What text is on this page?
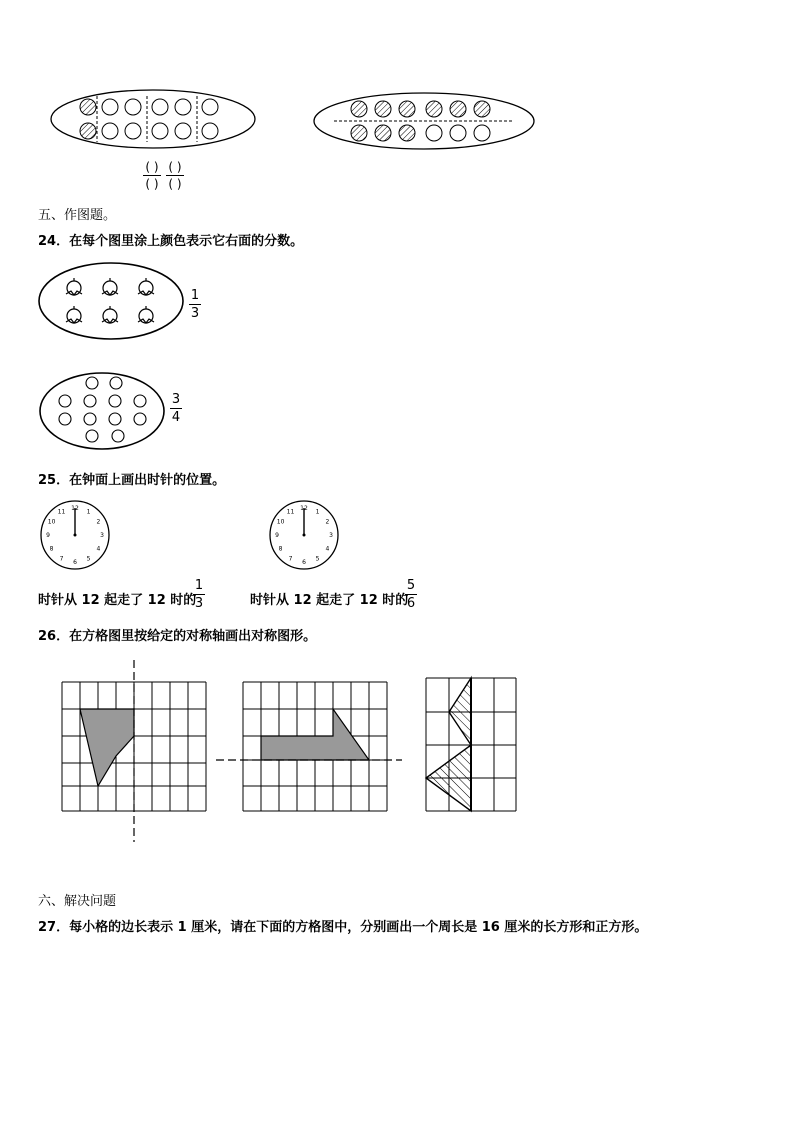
( )
( )
( )
( )
五、作图题。
24．在每个图里涂上颜色表示它右面的分数。
1
3
3
4
25．在钟面上画出时针的位置。
12
1
2
3
4
5
6
7
8
9
10
11
12
1
2
3
4
5
6
7
8
9
10
11
时针从 12 起走了 12 时的
1
3	时针从 12 起走了 12 时的
5
6
26．在方格图里按给定的对称轴画出对称图形。
六、解决问题
27．每小格的边长表示 1 厘米，请在下面的方格图中，分别画出一个周长是 16 厘米的长方形和正方形。
